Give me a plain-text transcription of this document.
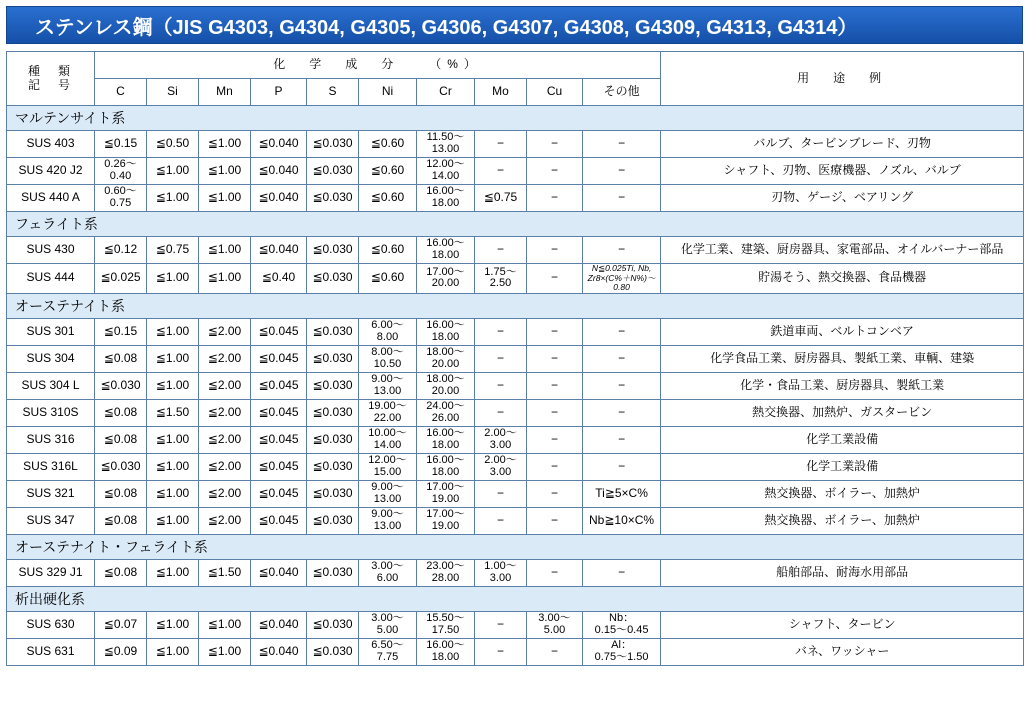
ステンレス鋼（JIS G4303, G4304, G4305, G4306, G4307, G4308, G4309, G4313, G4314）
種　類
記　号	化　学　成　分　　（%）										用　途　例
	C	Si	Mn	P	S	Ni	Cr	Mo	Cu	その他	
マルテンサイト系											
SUS 403	≦0.15	≦0.50	≦1.00	≦0.040	≦0.030	≦0.60	11.50〜
13.00	−	−	−	バルブ、タービンブレード、刃物
SUS 420 J2	0.26〜
0.40	≦1.00	≦1.00	≦0.040	≦0.030	≦0.60	12.00〜
14.00	−	−	−	シャフト、刃物、医療機器、ノズル、バルブ
SUS 440 A	0.60〜
0.75	≦1.00	≦1.00	≦0.040	≦0.030	≦0.60	16.00〜
18.00	≦0.75	−	−	刃物、ゲージ、ベアリング
フェライト系											
SUS 430	≦0.12	≦0.75	≦1.00	≦0.040	≦0.030	≦0.60	16.00〜
18.00	−	−	−	化学工業、建築、厨房器具、家電部品、オイルバーナー部品
SUS 444	≦0.025	≦1.00	≦1.00	≦0.40	≦0.030	≦0.60	17.00〜
20.00	1.75〜
2.50	−	N≦0.025Ti, Nb, Zr8×(C%＋N%)〜0.80	貯湯そう、熱交換器、食品機器
オーステナイト系											
SUS 301	≦0.15	≦1.00	≦2.00	≦0.045	≦0.030	6.00〜
8.00	16.00〜
18.00	−	−	−	鉄道車両、ベルトコンベア
SUS 304	≦0.08	≦1.00	≦2.00	≦0.045	≦0.030	8.00〜
10.50	18.00〜
20.00	−	−	−	化学食品工業、厨房器具、製紙工業、車輌、建築
SUS 304 L	≦0.030	≦1.00	≦2.00	≦0.045	≦0.030	9.00〜
13.00	18.00〜
20.00	−	−	−	化学・食品工業、厨房器具、製紙工業
SUS 310S	≦0.08	≦1.50	≦2.00	≦0.045	≦0.030	19.00〜
22.00	24.00〜
26.00	−	−	−	熱交換器、加熱炉、ガスタービン
SUS 316	≦0.08	≦1.00	≦2.00	≦0.045	≦0.030	10.00〜
14.00	16.00〜
18.00	2.00〜
3.00	−	−	化学工業設備
SUS 316L	≦0.030	≦1.00	≦2.00	≦0.045	≦0.030	12.00〜
15.00	16.00〜
18.00	2.00〜
3.00	−	−	化学工業設備
SUS 321	≦0.08	≦1.00	≦2.00	≦0.045	≦0.030	9.00〜
13.00	17.00〜
19.00	−	−	Ti≧5×C%	熱交換器、ボイラー、加熱炉
SUS 347	≦0.08	≦1.00	≦2.00	≦0.045	≦0.030	9.00〜
13.00	17.00〜
19.00	−	−	Nb≧10×C%	熱交換器、ボイラー、加熱炉
オーステナイト・フェライト系											
SUS 329 J1	≦0.08	≦1.00	≦1.50	≦0.040	≦0.030	3.00〜
6.00	23.00〜
28.00	1.00〜
3.00	−	−	船舶部品、耐海水用部品
析出硬化系											
SUS 630	≦0.07	≦1.00	≦1.00	≦0.040	≦0.030	3.00〜
5.00	15.50〜
17.50	−	3.00〜
5.00	Nb：
0.15〜0.45	シャフト、タービン
SUS 631	≦0.09	≦1.00	≦1.00	≦0.040	≦0.030	6.50〜
7.75	16.00〜
18.00	−	−	Al：
0.75〜1.50	バネ、ワッシャー
